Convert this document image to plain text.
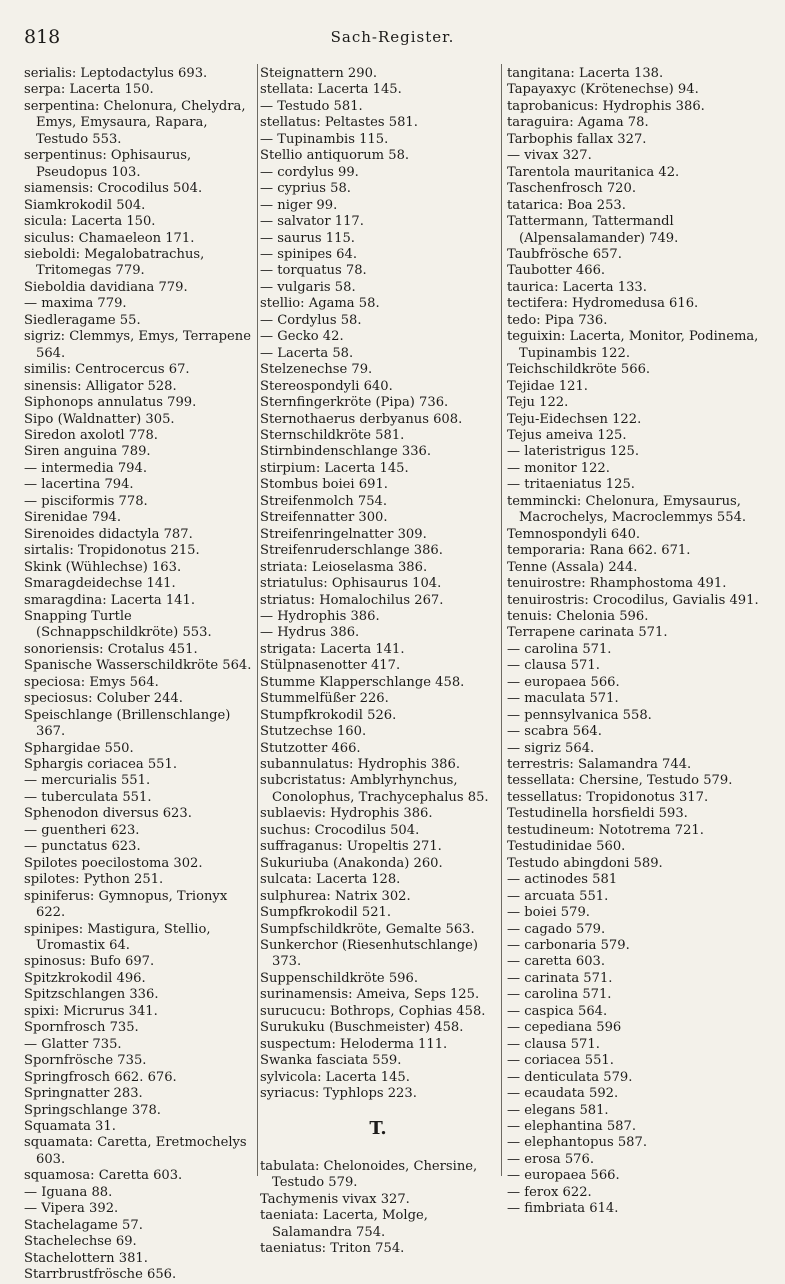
818	Sach-Register.
serialis: Leptodactylus 693.
serpa: Lacerta 150.
serpentina: Chelonura, Chelydra, Emys, Emysaura, Rapara, Testudo 553.
serpentinus: Ophisaurus, Pseudopus 103.
siamensis: Crocodilus 504.
Siamkrokodil 504.
sicula: Lacerta 150.
siculus: Chamaeleon 171.
sieboldi: Megalobatrachus, Tritomegas 779.
Sieboldia davidiana 779.
— maxima 779.
Siedleragame 55.
sigriz: Clemmys, Emys, Terrapene 564.
similis: Centrocercus 67.
sinensis: Alligator 528.
Siphonops annulatus 799.
Sipo (Waldnatter) 305.
Siredon axolotl 778.
Siren anguina 789.
— intermedia 794.
— lacertina 794.
— pisciformis 778.
Sirenidae 794.
Sirenoides didactyla 787.
sirtalis: Tropidonotus 215.
Skink (Wühlechse) 163.
Smaragdeidechse 141.
smaragdina: Lacerta 141.
Snapping Turtle (Schnappschildkröte) 553.
sonoriensis: Crotalus 451.
Spanische Wasserschildkröte 564.
speciosa: Emys 564.
speciosus: Coluber 244.
Speischlange (Brillenschlange) 367.
Sphargidae 550.
Sphargis coriacea 551.
— mercurialis 551.
— tuberculata 551.
Sphenodon diversus 623.
— guentheri 623.
— punctatus 623.
Spilotes poecilostoma 302.
spilotes: Python 251.
spiniferus: Gymnopus, Trionyx 622.
spinipes: Mastigura, Stellio, Uromastix 64.
spinosus: Bufo 697.
Spitzkrokodil 496.
Spitzschlangen 336.
spixi: Micrurus 341.
Spornfrosch 735.
— Glatter 735.
Spornfrösche 735.
Springfrosch 662. 676.
Springnatter 283.
Springschlange 378.
Squamata 31.
squamata: Caretta, Eretmochelys 603.
squamosa: Caretta 603.
— Iguana 88.
— Vipera 392.
Stachelagame 57.
Stachelechse 69.
Stachelottern 381.
Starrbrustfrösche 656.
Steignattern 290.
stellata: Lacerta 145.
— Testudo 581.
stellatus: Peltastes 581.
— Tupinambis 115.
Stellio antiquorum 58.
— cordylus 99.
— cyprius 58.
— niger 99.
— salvator 117.
— saurus 115.
— spinipes 64.
— torquatus 78.
— vulgaris 58.
stellio: Agama 58.
— Cordylus 58.
— Gecko 42.
— Lacerta 58.
Stelzenechse 79.
Stereospondyli 640.
Sternfingerkröte (Pipa) 736.
Sternothaerus derbyanus 608.
Sternschildkröte 581.
Stirnbindenschlange 336.
stirpium: Lacerta 145.
Stombus boiei 691.
Streifenmolch 754.
Streifennatter 300.
Streifenringelnatter 309.
Streifenruderschlange 386.
striata: Leioselasma 386.
striatulus: Ophisaurus 104.
striatus: Homalochilus 267.
— Hydrophis 386.
— Hydrus 386.
strigata: Lacerta 141.
Stülpnasenotter 417.
Stumme Klapperschlange 458.
Stummelfüßer 226.
Stumpfkrokodil 526.
Stutzechse 160.
Stutzotter 466.
subannulatus: Hydrophis 386.
subcristatus: Amblyrhynchus, Conolophus, Trachycephalus 85.
sublaevis: Hydrophis 386.
suchus: Crocodilus 504.
suffraganus: Uropeltis 271.
Sukuriuba (Anakonda) 260.
sulcata: Lacerta 128.
sulphurea: Natrix 302.
Sumpfkrokodil 521.
Sumpfschildkröte, Gemalte 563.
Sunkerchor (Riesenhutschlange) 373.
Suppenschildkröte 596.
surinamensis: Ameiva, Seps 125.
surucucu: Bothrops, Cophias 458.
Surukuku (Buschmeister) 458.
suspectum: Heloderma 111.
Swanka fasciata 559.
sylvicola: Lacerta 145.
syriacus: Typhlops 223.
T.
tabulata: Chelonoides, Chersine, Testudo 579.
Tachymenis vivax 327.
taeniata: Lacerta, Molge, Salamandra 754.
taeniatus: Triton 754.
tangitana: Lacerta 138.
Tapayaxyc (Krötenechse) 94.
taprobanicus: Hydrophis 386.
taraguira: Agama 78.
Tarbophis fallax 327.
— vivax 327.
Tarentola mauritanica 42.
Taschenfrosch 720.
tatarica: Boa 253.
Tattermann, Tattermandl (Alpensalamander) 749.
Taubfrösche 657.
Taubotter 466.
taurica: Lacerta 133.
tectifera: Hydromedusa 616.
tedo: Pipa 736.
teguixin: Lacerta, Monitor, Podinema, Tupinambis 122.
Teichschildkröte 566.
Tejidae 121.
Teju 122.
Teju-Eidechsen 122.
Tejus ameiva 125.
— lateristrigus 125.
— monitor 122.
— tritaeniatus 125.
temmincki: Chelonura, Emysaurus, Macrochelys, Macroclemmys 554.
Temnospondyli 640.
temporaria: Rana 662. 671.
Tenne (Assala) 244.
tenuirostre: Rhamphostoma 491.
tenuirostris: Crocodilus, Gavialis 491.
tenuis: Chelonia 596.
Terrapene carinata 571.
— carolina 571.
— clausa 571.
— europaea 566.
— maculata 571.
— pennsylvanica 558.
— scabra 564.
— sigriz 564.
terrestris: Salamandra 744.
tessellata: Chersine, Testudo 579.
tessellatus: Tropidonotus 317.
Testudinella horsfieldi 593.
testudineum: Nototrema 721.
Testudinidae 560.
Testudo abingdoni 589.
— actinodes 581
— arcuata 551.
— boiei 579.
— cagado 579.
— carbonaria 579.
— caretta 603.
— carinata 571.
— carolina 571.
— caspica 564.
— cepediana 596
— clausa 571.
— coriacea 551.
— denticulata 579.
— ecaudata 592.
— elegans 581.
— elephantina 587.
— elephantopus 587.
— erosa 576.
— europaea 566.
— ferox 622.
— fimbriata 614.
